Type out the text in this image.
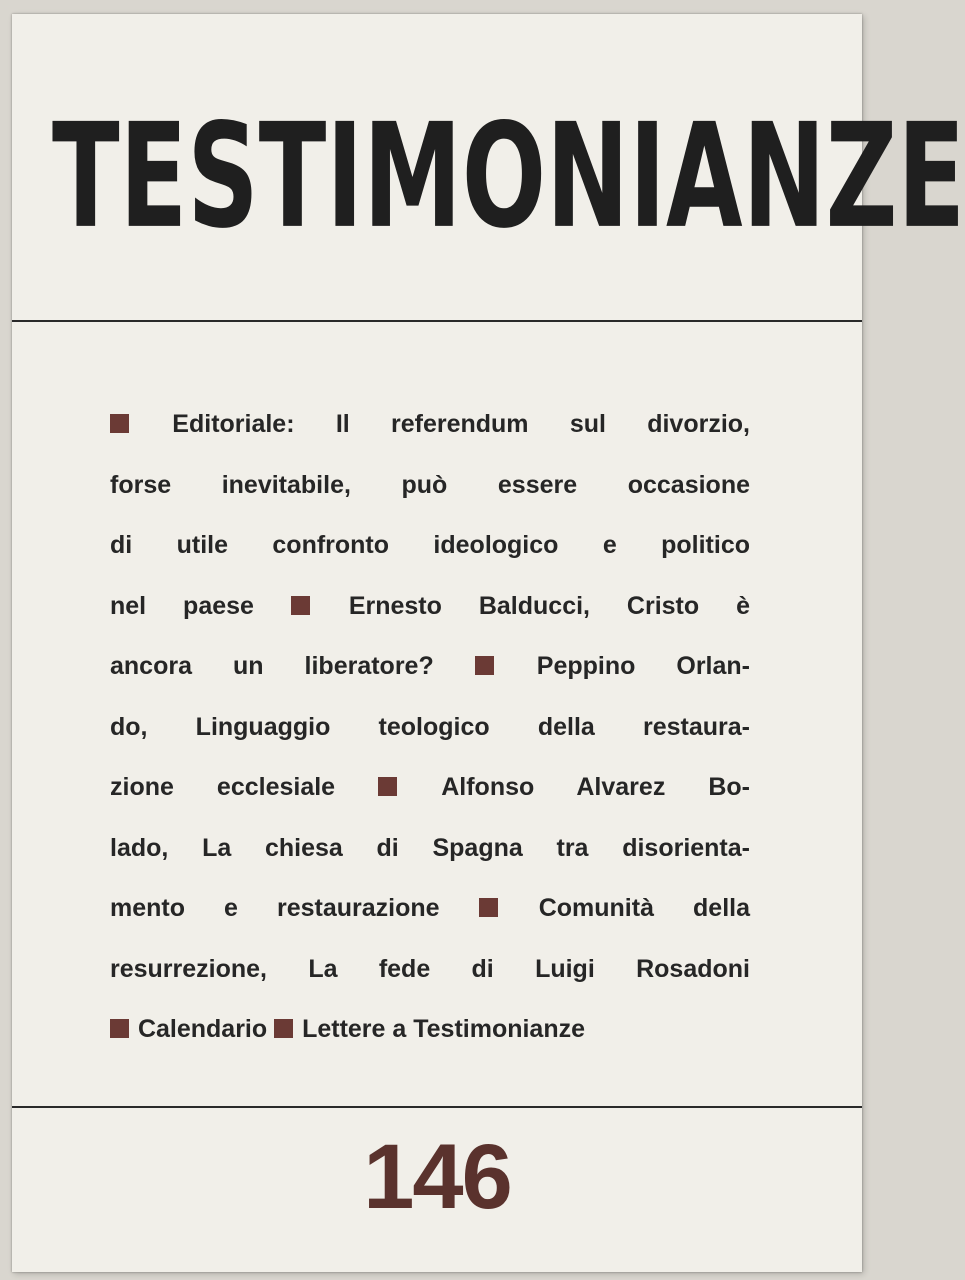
TESTIMONIANZE
Editoriale: Il referendum sul divorzio,
forse inevitabile, può essere occasione
di utile confronto ideologico e politico
nel paese	Ernesto Balducci, Cristo è
ancora un liberatore?	Peppino Orlan-
do, Linguaggio teologico della restaura-
zione ecclesiale	Alfonso Alvarez Bo-
lado, La chiesa di Spagna tra disorienta-
mento e restaurazione	Comunità della
resurrezione, La fede di Luigi Rosadoni
Calendario Lettere a Testimonianze
146
